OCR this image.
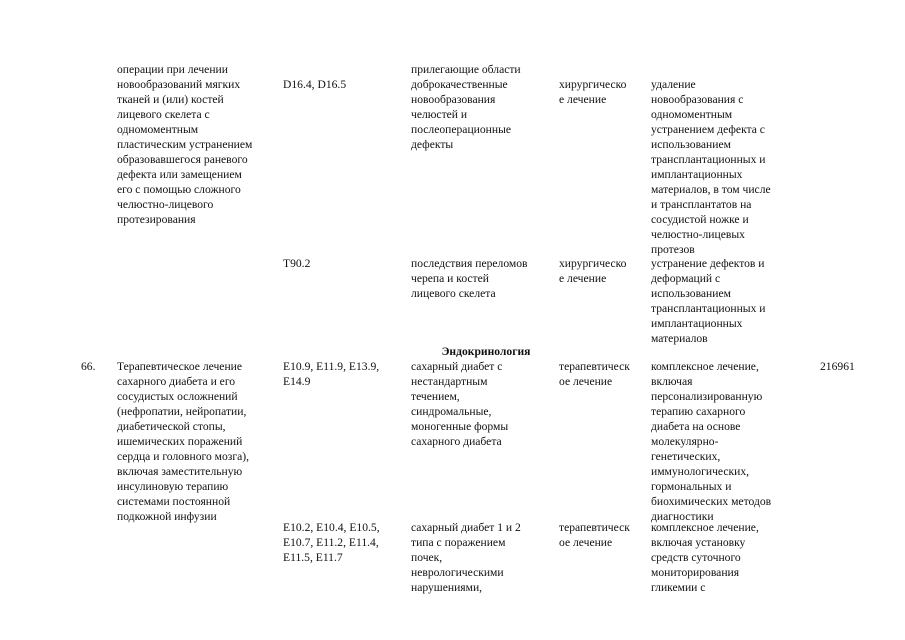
операции при лечении
новообразований мягких
тканей и (или) костей
лицевого скелета с
одномоментным
пластическим устранением
образовавшегося раневого
дефекта или замещением
его с помощью сложного
челюстно-лицевого
протезирования
D16.4, D16.5
прилегающие области
доброкачественные
новообразования
челюстей и
послеоперационные
дефекты
хирургическо
е лечение
удаление
новообразования с
одномоментным
устранением дефекта с
использованием
трансплантационных и
имплантационных
материалов, в том числе
и трансплантатов на
сосудистой ножке и
челюстно-лицевых
протезов
T90.2	последствия переломов
черепа и костей
лицевого скелета
хирургическо
е лечение
устранение дефектов и
деформаций с
использованием
трансплантационных и
имплантационных
материалов
Эндокринология
66.	Терапевтическое лечение
сахарного диабета и его
сосудистых осложнений
(нефропатии, нейропатии,
диабетической стопы,
ишемических поражений
сердца и головного мозга),
включая заместительную
инсулиновую терапию
системами постоянной
подкожной инфузии
E10.9, E11.9, E13.9,
E14.9
сахарный диабет с
нестандартным
течением,
синдромальные,
моногенные формы
сахарного диабета
терапевтическ
ое лечение
комплексное лечение,
включая
персонализированную
терапию сахарного
диабета на основе
молекулярно-
генетических,
иммунологических,
гормональных и
биохимических методов
диагностики
216961
E10.2, E10.4, E10.5,
E10.7, E11.2, E11.4,
E11.5, E11.7
сахарный диабет 1 и 2
типа с поражением
почек,
неврологическими
нарушениями,
терапевтическ
ое лечение
комплексное лечение,
включая установку
средств суточного
мониторирования
гликемии с
